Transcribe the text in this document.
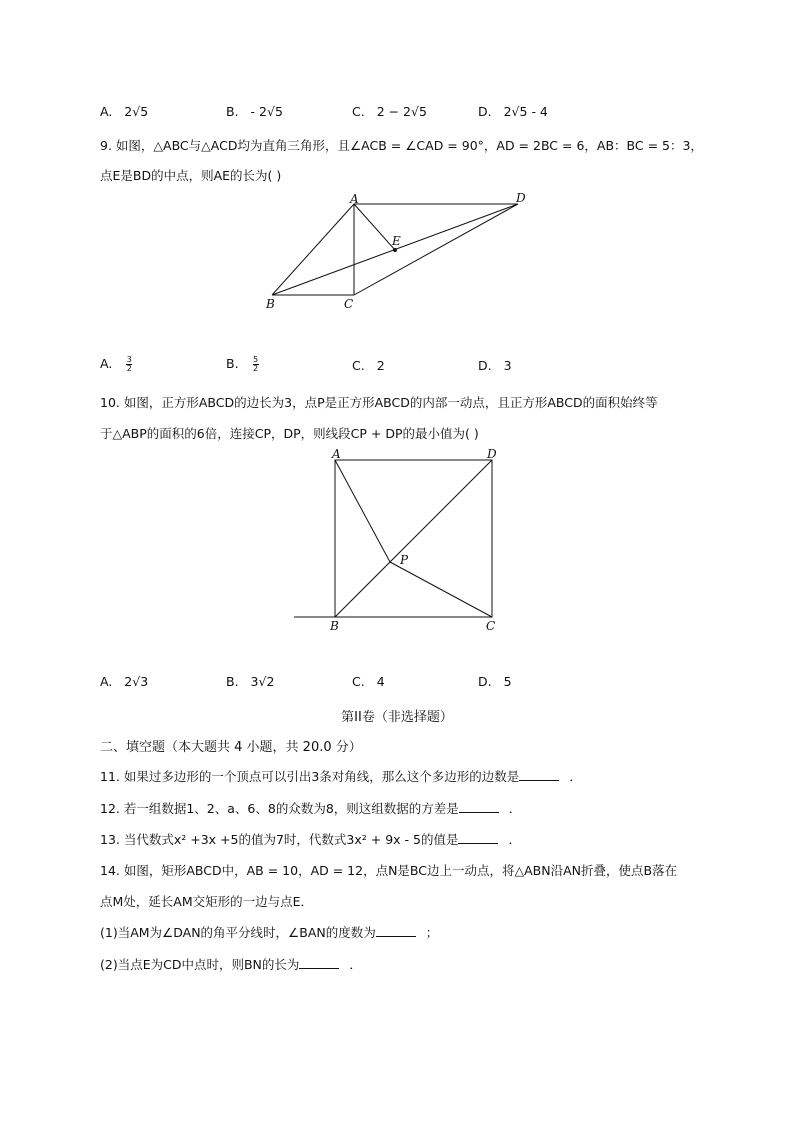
A. 2√5	B. - 2√5	C. 2 − 2√5	D. 2√5 - 4
9. 如图，△ABC与△ACD均为直角三角形，且∠ACB = ∠CAD = 90°，AD = 2BC = 6，AB：BC = 5：3，
点E是BD的中点，则AE的长为( )
A	D
E
B	C
A. $\frac{3}{2}$	B. $\frac{5}{2}$	C. 2	D. 3
10. 如图，正方形ABCD的边长为3，点P是正方形ABCD的内部一动点，且正方形ABCD的面积始终等
于△ABP的面积的6倍，连接CP，DP，则线段CP + DP的最小值为( )
A	D
P
B	C
A. 2√3	B. 3√2	C. 4	D. 5
第II卷（非选择题）
二、填空题（本大题共 4 小题，共 20.0 分）
11. 如果过多边形的一个顶点可以引出3条对角线，那么这个多边形的边数是	．
12. 若一组数据1、2、a、6、8的众数为8，则这组数据的方差是	．
13. 当代数式x² +3x +5的值为7时，代数式3x² + 9x - 5的值是	．
14. 如图，矩形ABCD中，AB = 10，AD = 12，点N是BC边上一动点，将△ABN沿AN折叠，使点B落在
点M处，延长AM交矩形的一边与点E．
(1)当AM为∠DAN的角平分线时，∠BAN的度数为	；
(2)当点E为CD中点时，则BN的长为	．
